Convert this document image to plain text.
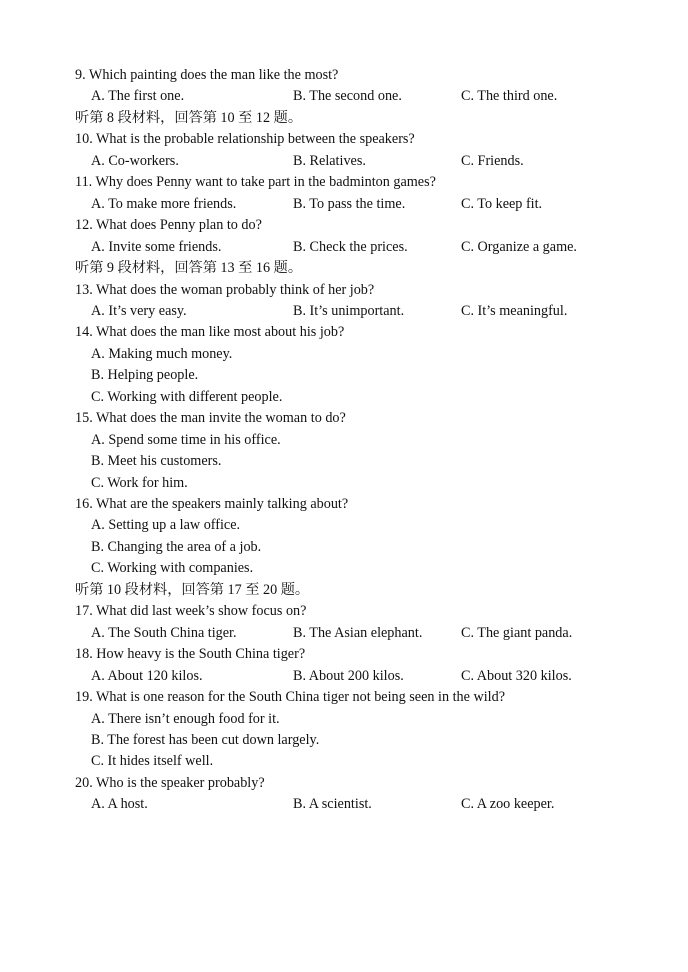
9. Which painting does the man like the most?
A. The first one.	B. The second one.	C. The third one.
听第 8 段材料，回答第 10 至 12 题。
10. What is the probable relationship between the speakers?
A. Co-workers.	B. Relatives.	C. Friends.
11. Why does Penny want to take part in the badminton games?
A. To make more friends.	B. To pass the time.	C. To keep fit.
12. What does Penny plan to do?
A. Invite some friends.	B. Check the prices.	C. Organize a game.
听第 9 段材料，回答第 13 至 16 题。
13. What does the woman probably think of her job?
A. It’s very easy.	B. It’s unimportant.	C. It’s meaningful.
14. What does the man like most about his job?
A. Making much money.
B. Helping people.
C. Working with different people.
15. What does the man invite the woman to do?
A. Spend some time in his office.
B. Meet his customers.
C. Work for him.
16. What are the speakers mainly talking about?
A. Setting up a law office.
B. Changing the area of a job.
C. Working with companies.
听第 10 段材料，回答第 17 至 20 题。
17. What did last week’s show focus on?
A. The South China tiger.	B. The Asian elephant.	C. The giant panda.
18. How heavy is the South China tiger?
A. About 120 kilos.	B. About 200 kilos.	C. About 320 kilos.
19. What is one reason for the South China tiger not being seen in the wild?
A. There isn’t enough food for it.
B. The forest has been cut down largely.
C. It hides itself well.
20. Who is the speaker probably?
A. A host.	B. A scientist.	C. A zoo keeper.
